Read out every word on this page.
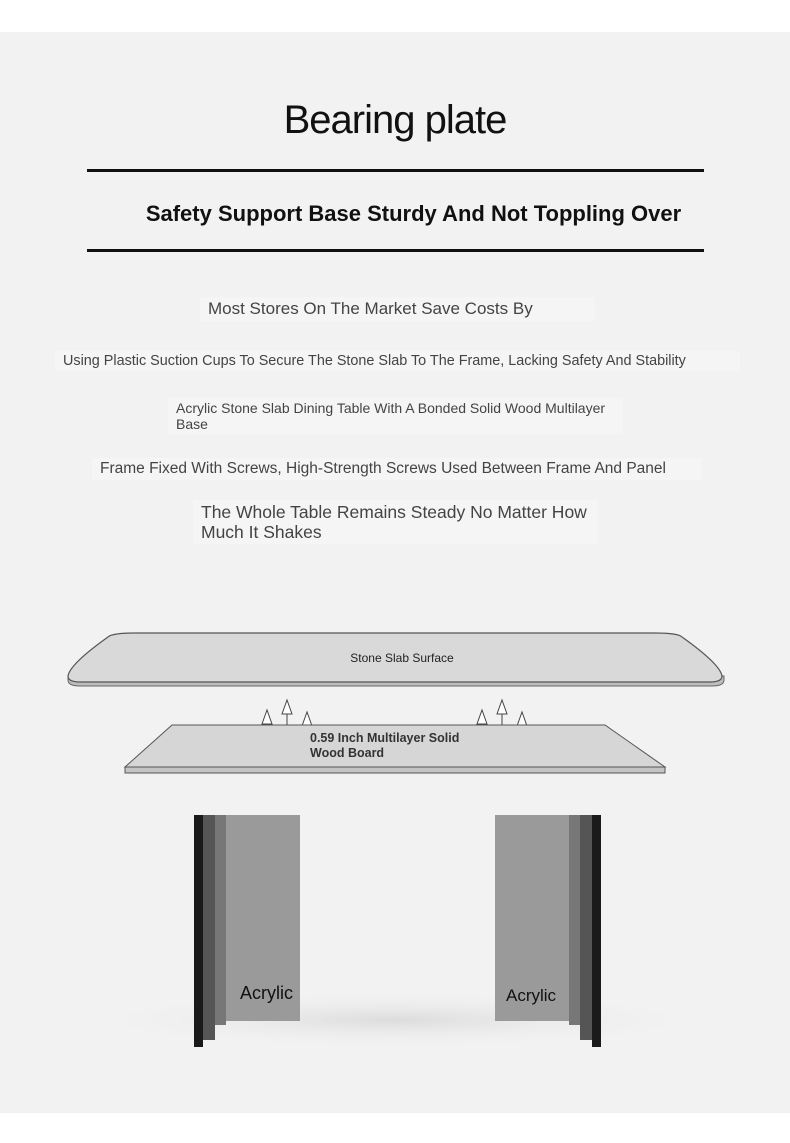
Bearing plate
Safety Support Base Sturdy And Not Toppling Over
Most Stores On The Market Save Costs By
Using Plastic Suction Cups To Secure The Stone Slab To The Frame, Lacking Safety And Stability
Acrylic Stone Slab Dining Table With A Bonded Solid Wood Multilayer Base
Frame Fixed With Screws, High-Strength Screws Used Between Frame And Panel
The Whole Table Remains Steady No Matter How Much It Shakes
Stone Slab Surface
0.59 Inch Multilayer Solid Wood Board
Acrylic	Acrylic
